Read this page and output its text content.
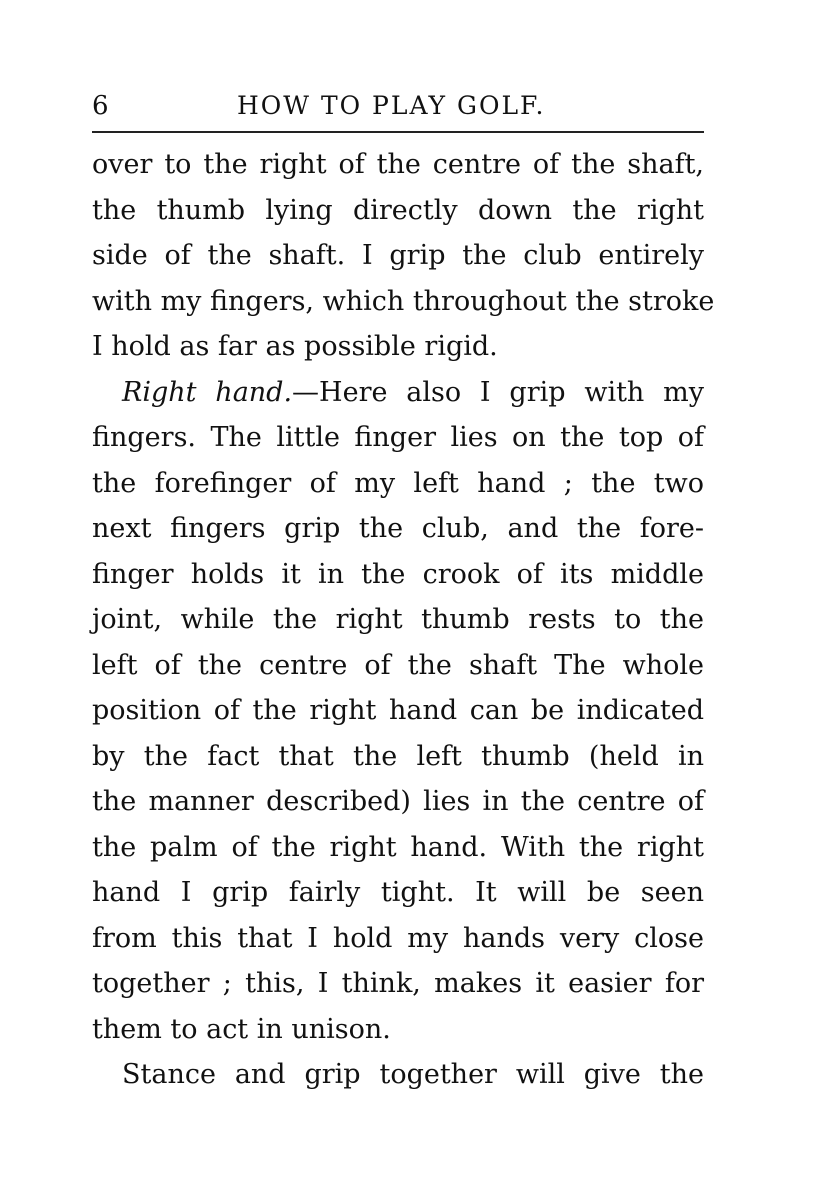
6	HOW TO PLAY GOLF.
over to the right of the centre of the shaft,
the thumb lying directly down the right
side of the shaft. I grip the club entirely
with my fingers, which throughout the stroke
I hold as far as possible rigid.
Right hand.—Here also I grip with my
fingers. The little finger lies on the top of
the forefinger of my left hand ; the two
next fingers grip the club, and the fore-
finger holds it in the crook of its middle
joint, while the right thumb rests to the
left of the centre of the shaft The whole
position of the right hand can be indicated
by the fact that the left thumb (held in
the manner described) lies in the centre of
the palm of the right hand. With the right
hand I grip fairly tight. It will be seen
from this that I hold my hands very close
together ; this, I think, makes it easier for
them to act in unison.
Stance and grip together will give the
